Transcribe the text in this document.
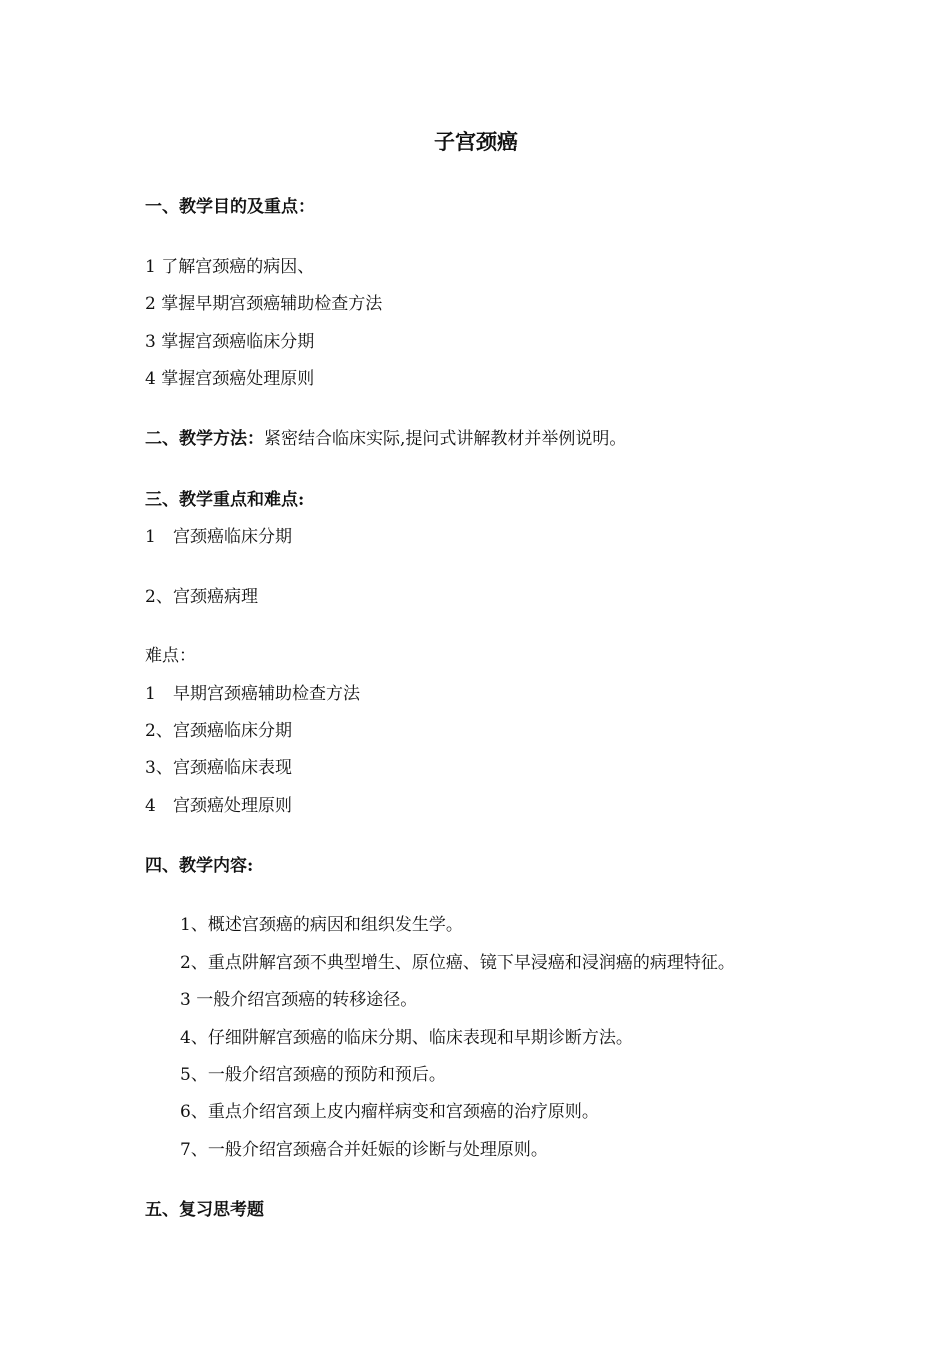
子宫颈癌
一、教学目的及重点：
1 了解宫颈癌的病因、
2 掌握早期宫颈癌辅助检查方法
3 掌握宫颈癌临床分期
4 掌握宫颈癌处理原则
二、教学方法：紧密结合临床实际,提问式讲解教材并举例说明。
三、教学重点和难点:
1 宫颈癌临床分期
2、宫颈癌病理
难点：
1 早期宫颈癌辅助检查方法
2、宫颈癌临床分期
3、宫颈癌临床表现
4 宫颈癌处理原则
四、教学内容:
1、概述宫颈癌的病因和组织发生学。
2、重点阱解宫颈不典型增生、原位癌、镜下早浸癌和浸润癌的病理特征。
3 一般介绍宫颈癌的转移途径。
4、仔细阱解宫颈癌的临床分期、临床表现和早期诊断方法。
5、一般介绍宫颈癌的预防和预后。
6、重点介绍宫颈上皮内瘤样病变和宫颈癌的治疗原则。
7、一般介绍宫颈癌合并妊娠的诊断与处理原则。
五、复习思考题
